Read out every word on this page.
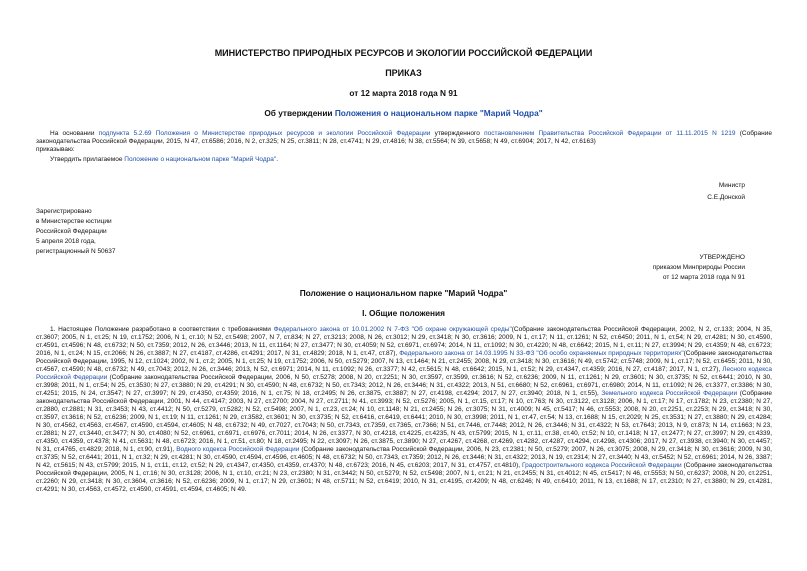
МИНИСТЕРСТВО ПРИРОДНЫХ РЕСУРСОВ И ЭКОЛОГИИ РОССИЙСКОЙ ФЕДЕРАЦИИ

ПРИКАЗ

от 12 марта 2018 года N 91

Об утверждении Положения о национальном парке "Марий Чодра"

На основании подпункта 5.2.69 Положения о Министерстве природных ресурсов и экологии Российской Федерации утвержденного постановлением Правительства Российской Федерации от 11.11.2015 N 1219 (Собрание законодательства Российской Федерации, 2015, N 47, ст.6586; 2016, N 2, ст.325; N 25, ст.3811; N 28, ст.4741; N 29, ст.4816; N 38, ст.5564; N 39, ст.5658; N 49, ст.6904; 2017, N 42, ст.6163)
приказываю:

Утвердить прилагаемое Положение о национальном парке "Марий Чодра".

Министр

С.Е.Донской

Зарегистрировано

в Министерстве юстиции

Российской Федерации

5 апреля 2018 года,

регистрационный N 50637

УТВЕРЖДЕНО

приказом Минприроды России

от 12 марта 2018 года N 91

Положение о национальном парке "Марий Чодра"

I. Общие положения

1. Настоящее Положение разработано в соответствии с требованиями Федерального закона от 10.01.2002 N 7-ФЗ "Об охране окружающей среды"(Собрание законодательства Российской Федерации, 2002, N 2, ст.133; 2004, N 35, ст.3607; 2005, N 1, ст.25; N 19, ст.1752; 2006, N 1, ст.10; N 52, ст.5498; 2007, N 7, ст.834; N 27, ст.3213; 2008, N 26, ст.3012; N 29, ст.3418; N 30, ст.3616; 2009, N 1, ст.17; N 11, ст.1261; N 52, ст.6450; 2011, N 1, ст.54; N 29, ст.4281; N 30, ст.4590, ст.4591, ст.4596; N 48, ст.6732; N 50, ст.7359; 2012, N 26, ст.3446; 2013, N 11, ст.1164; N 27, ст.3477; N 30, ст.4059; N 52, ст.6971, ст.6974; 2014, N 11, ст.1092; N 30, ст.4220; N 48, ст.6642; 2015, N 1, ст.11; N 27, ст.3994; N 29, ст.4359; N 48, ст.6723; 2016, N 1, ст.24; N 15, ст.2066; N 26, ст.3887; N 27, ст.4187, ст.4286, ст.4291; 2017, N 31, ст.4829; 2018, N 1, ст.47, ст.87), Федерального закона от 14.03.1995 N 33-ФЗ "Об особо охраняемых природных территориях"(Собрание законодательства Российской Федерации, 1995, N 12, ст.1024; 2002, N 1, ст.2; 2005, N 1, ст.25; N 19, ст.1752; 2006, N 50, ст.5279; 2007, N 13, ст.1464; N 21, ст.2455; 2008, N 29, ст.3418; N 30, ст.3616; N 49, ст.5742; ст.5748; 2009, N 1, ст.17; N 52, ст.6455; 2011, N 30, ст.4567, ст.4590; N 48, ст.6732; N 49, ст.7043; 2012, N 26, ст.3446; 2013, N 52, ст.6971; 2014, N 11, ст.1092; N 26, ст.3377; N 42, ст.5615; N 48, ст.6642; 2015, N 1, ст.52; N 29, ст.4347, ст.4359; 2016, N 27, ст.4187; 2017, N 1, ст.27), Лесного кодекса Российской Федерации (Собрание законодательства Российской Федерации, 2006, N 50, ст.5278; 2008, N 20, ст.2251; N 30, ст.3597, ст.3599, ст.3616; N 52, ст.6236; 2009, N 11, ст.1261; N 29, ст.3601; N 30, ст.3735; N 52, ст.6441; 2010, N 30, ст.3998; 2011, N 1, ст.54; N 25, ст.3530; N 27, ст.3880; N 29, ст.4291; N 30, ст.4590; N 48, ст.6732; N 50, ст.7343; 2012, N 26, ст.3446; N 31, ст.4322; 2013, N 51, ст.6680; N 52, ст.6961, ст.6971, ст.6980; 2014, N 11, ст.1092; N 26, ст.3377, ст.3386; N 30, ст.4251; 2015, N 24, ст.3547; N 27, ст.3997; N 29, ст.4350, ст.4359; 2016, N 1, ст.75; N 18, ст.2495; N 26, ст.3875, ст.3887; N 27, ст.4198, ст.4294; 2017, N 27, ст.3940; 2018, N 1, ст.55), Земельного кодекса Российской Федерации (Собрание законодательства Российской Федерации, 2001, N 44, ст.4147; 2003, N 27, ст.2700; 2004, N 27, ст.2711; N 41, ст.3993; N 52, ст.5276; 2005, N 1, ст.15, ст.17; N 10, ст.763; N 30, ст.3122, ст.3128; 2006, N 1, ст.17; N 17, ст.1782; N 23, ст.2380; N 27, ст.2880, ст.2881; N 31, ст.3453; N 43, ст.4412; N 50, ст.5279, ст.5282; N 52, ст.5498; 2007, N 1, ст.23, ст.24; N 10, ст.1148; N 21, ст.2455; N 26, ст.3075; N 31, ст.4009; N 45, ст.5417; N 46, ст.5553; 2008, N 20, ст.2251, ст.2253; N 29, ст.3418; N 30, ст.3597, ст.3616; N 52, ст.6236; 2009, N 1, ст.19; N 11, ст.1261; N 29, ст.3582, ст.3601; N 30, ст.3735; N 52, ст.6416, ст.6419, ст.6441; 2010, N 30, ст.3998; 2011, N 1, ст.47, ст.54; N 13, ст.1688; N 15, ст.2029; N 25, ст.3531; N 27, ст.3880; N 29, ст.4284; N 30, ст.4562, ст.4563, ст.4567, ст.4590, ст.4594, ст.4605; N 48, ст.6732; N 49, ст.7027, ст.7043; N 50, ст.7343, ст.7359, ст.7365, ст.7366; N 51, ст.7446, ст.7448; 2012, N 26, ст.3446; N 31, ст.4322; N 53, ст.7643; 2013, N 9, ст.873; N 14, ст.1663; N 23, ст.2881; N 27, ст.3440, ст.3477; N 30, ст.4080; N 52, ст.6961, ст.6971, ст.6976, ст.7011; 2014, N 26, ст.3377, N 30, ст.4218, ст.4225, ст.4235, N 43, ст.5799; 2015, N 1, ст.11, ст.38, ст.40, ст.52; N 10, ст.1418; N 17, ст.2477; N 27, ст.3997; N 29, ст.4339, ст.4350, ст.4359, ст.4378; N 41, ст.5631; N 48, ст.6723; 2016, N 1, ст.51, ст.80; N 18, ст.2495; N 22, ст.3097; N 26, ст.3875, ст.3890; N 27, ст.4267, ст.4268, ст.4269, ст.4282, ст.4287, ст.4294, ст.4298, ст.4306; 2017, N 27, ст.3938, ст.3940; N 30, ст.4457; N 31, ст.4765, ст.4829; 2018, N 1, ст.90, ст.91), Водного кодекса Российской Федерации (Собрание законодательства Российской Федерации, 2006, N 23, ст.2381; N 50, ст.5279; 2007, N 26, ст.3075; 2008, N 29, ст.3418; N 30, ст.3616; 2009, N 30, ст.3735; N 52, ст.6441; 2011, N 1, ст.32; N 29, ст.4281; N 30, ст.4590, ст.4594, ст.4596, ст.4605; N 48, ст.6732; N 50, ст.7343, ст.7359; 2012, N 26, ст.3446; N 31, ст.4322; 2013, N 19, ст.2314; N 27, ст.3440; N 43, ст.5452; N 52, ст.6961; 2014, N 26, 3387; N 42, ст.5615; N 43, ст.5799; 2015, N 1, ст.11, ст.12, ст.52; N 29, ст.4347, ст.4350, ст.4359, ст.4370; N 48, ст.6723; 2016, N 45, ст.6203; 2017, N 31, ст.4757, ст.4810), Градостроительного кодекса Российской Федерации (Собрание законодательства Российской Федерации, 2005, N 1, ст.16; N 30, ст.3128; 2006, N 1, ст.10, ст.21; N 23, ст.2380; N 31, ст.3442; N 50, ст.5279; N 52, ст.5498; 2007, N 1, ст.21; N 21, ст.2455; N 31, ст.4012; N 45, ст.5417; N 46, ст.5553; N 50, ст.6237; 2008, N 20, ст.2251, ст.2260; N 29, ст.3418; N 30, ст.3604, ст.3616; N 52, ст.6236; 2009, N 1, ст.17; N 29, ст.3601; N 48, ст.5711; N 52, ст.6419; 2010, N 31, ст.4195, ст.4209; N 48, ст.6246; N 49, ст.6410; 2011, N 13, ст.1688; N 17, ст.2310; N 27, ст.3880; N 29, ст.4281, ст.4291; N 30, ст.4563, ст.4572, ст.4590, ст.4591, ст.4594, ст.4605; N 49.
